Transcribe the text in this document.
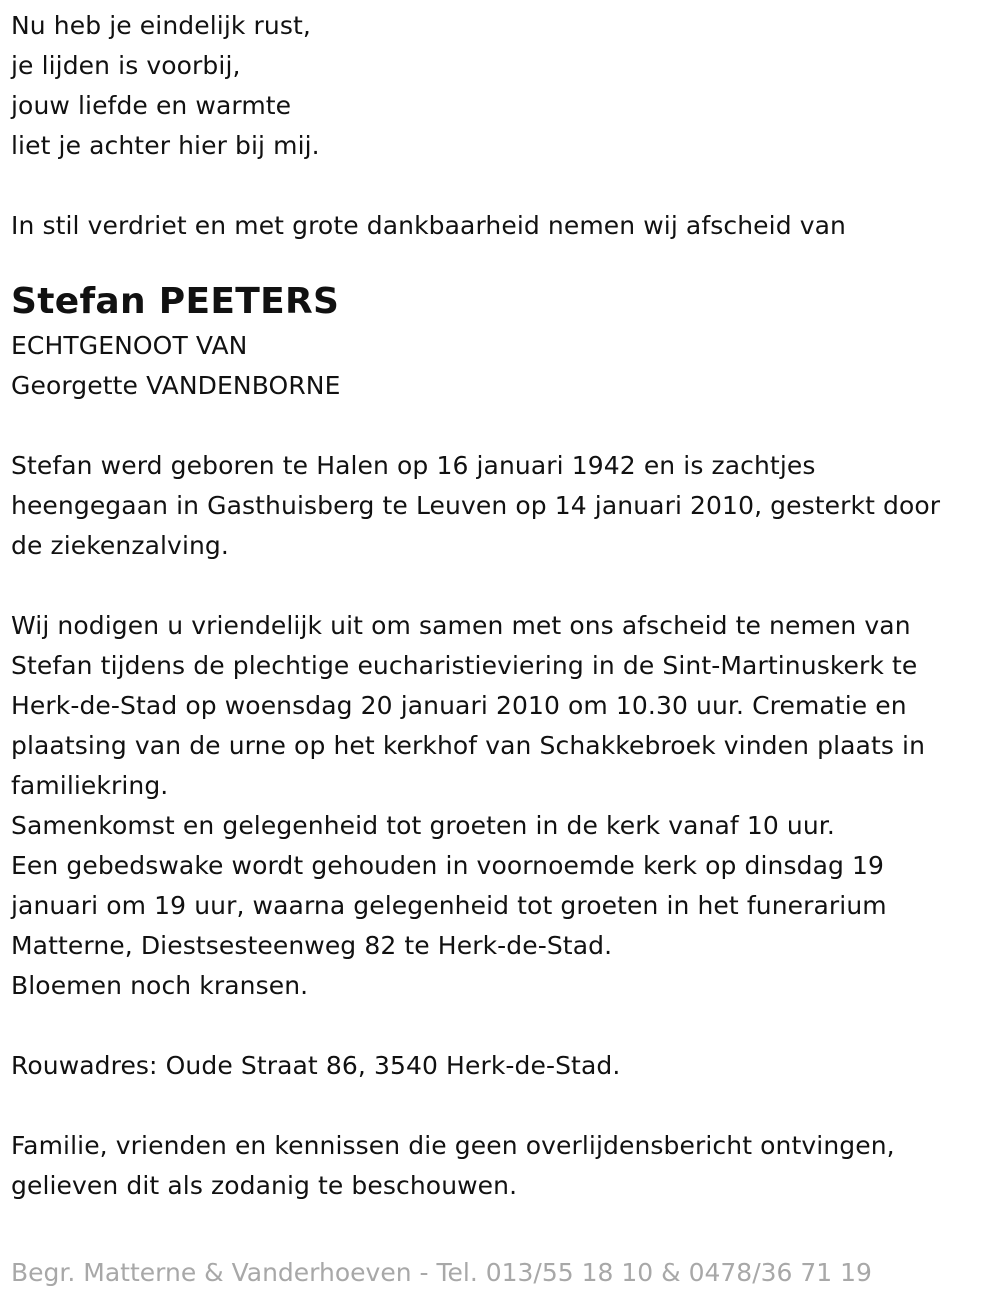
Nu heb je eindelijk rust,
je lijden is voorbij,
jouw liefde en warmte
liet je achter hier bij mij.
In stil verdriet en met grote dankbaarheid nemen wij afscheid van
Stefan PEETERS
ECHTGENOOT VAN
Georgette VANDENBORNE
Stefan werd geboren te Halen op 16 januari 1942 en is zachtjes
heengegaan in Gasthuisberg te Leuven op 14 januari 2010, gesterkt door
de ziekenzalving.
Wij nodigen u vriendelijk uit om samen met ons afscheid te nemen van
Stefan tijdens de plechtige eucharistieviering in de Sint-Martinuskerk te
Herk-de-Stad op woensdag 20 januari 2010 om 10.30 uur. Crematie en
plaatsing van de urne op het kerkhof van Schakkebroek vinden plaats in
familiekring.
Samenkomst en gelegenheid tot groeten in de kerk vanaf 10 uur.
Een gebedswake wordt gehouden in voornoemde kerk op dinsdag 19
januari om 19 uur, waarna gelegenheid tot groeten in het funerarium
Matterne, Diestsesteenweg 82 te Herk-de-Stad.
Bloemen noch kransen.
Rouwadres: Oude Straat 86, 3540 Herk-de-Stad.
Familie, vrienden en kennissen die geen overlijdensbericht ontvingen,
gelieven dit als zodanig te beschouwen.
Begr. Matterne & Vanderhoeven - Tel. 013/55 18 10 & 0478/36 71 19
